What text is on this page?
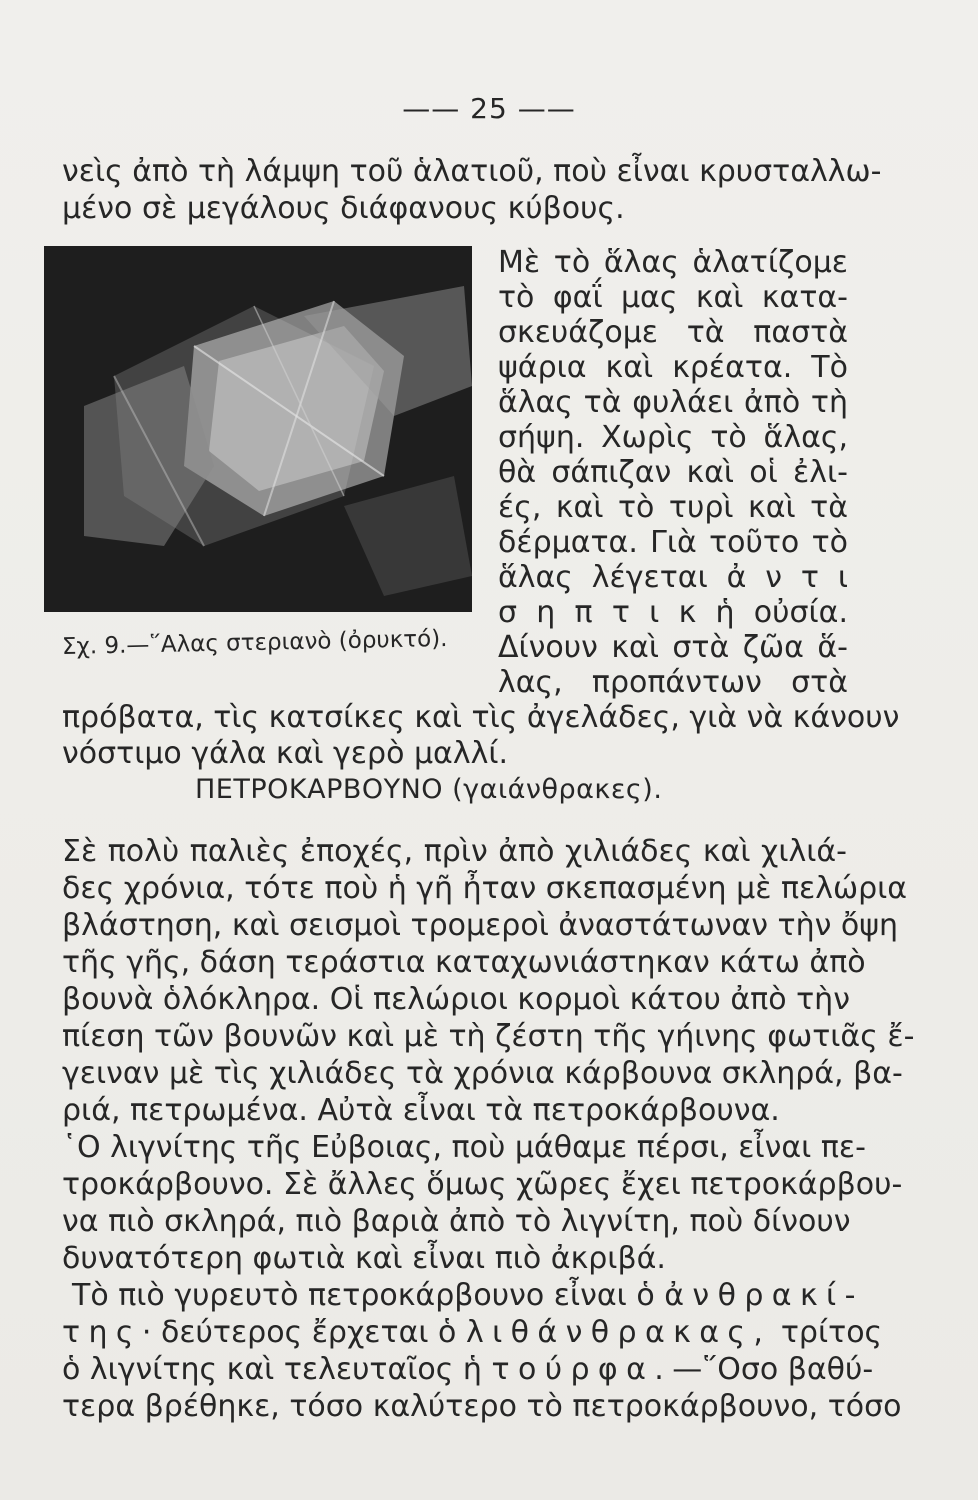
—— 25 ——
νεὶς ἀπὸ τὴ λάμψη τοῦ ἁλατιοῦ, ποὺ εἶναι κρυσταλλω-
μένο σὲ μεγάλους διάφανους κύβους.
Σχ. 9.—῞Αλας στεριανὸ (ὀρυκτό).
Μὲ τὸ ἅλας ἁλατίζομε
τὸ φαΐ μας καὶ κατα-
σκευάζομε τὰ παστὰ
ψάρια καὶ κρέατα. Τὸ
ἅλας τὰ φυλάει ἀπὸ τὴ
σήψη. Χωρὶς τὸ ἅλας,
θὰ σάπιζαν καὶ οἱ ἐλι-
ές, καὶ τὸ τυρὶ καὶ τὰ
δέρματα. Γιὰ τοῦτο τὸ
ἅλας λέγεται ἀ ν τ ι
σ η π τ ι κ ἡ οὐσία.
Δίνουν καὶ στὰ ζῶα ἅ-
λας, προπάντων στὰ
πρόβατα, τὶς κατσίκες καὶ τὶς ἀγελάδες, γιὰ νὰ κάνουν
νόστιμο γάλα καὶ γερὸ μαλλί.
ΠΕΤΡΟΚΑΡΒΟΥΝΟ (γαιάνθρακες).
Σὲ πολὺ παλιὲς ἐποχές, πρὶν ἀπὸ χιλιάδες καὶ χιλιά-
δες χρόνια, τότε ποὺ ἡ γῆ ἦταν σκεπασμένη μὲ πελώρια
βλάστηση, καὶ σεισμοὶ τρομεροὶ ἀναστάτωναν τὴν ὄψη
τῆς γῆς, δάση τεράστια καταχωνιάστηκαν κάτω ἀπὸ
βουνὰ ὁλόκληρα. Οἱ πελώριοι κορμοὶ κάτου ἀπὸ τὴν
πίεση τῶν βουνῶν καὶ μὲ τὴ ζέστη τῆς γήινης φωτιᾶς ἔ-
γειναν μὲ τὶς χιλιάδες τὰ χρόνια κάρβουνα σκληρά, βα-
ριά, πετρωμένα. Αὐτὰ εἶναι τὰ πετροκάρβουνα.
῾Ο λιγνίτης τῆς Εὐβοιας, ποὺ μάθαμε πέρσι, εἶναι πε-
τροκάρβουνο. Σὲ ἄλλες ὅμως χῶρες ἔχει πετροκάρβου-
να πιὸ σκληρά, πιὸ βαριὰ ἀπὸ τὸ λιγνίτη, ποὺ δίνουν
δυνατότερη φωτιὰ καὶ εἶναι πιὸ ἀκριβά.
Τὸ πιὸ γυρευτὸ πετροκάρβουνο εἶναι ὁ ἀνθρακί-
της· δεύτερος ἔρχεται ὁ λιθάνθρακας, τρίτος
ὁ λιγνίτης καὶ τελευταῖος ἡ τούρφα.—῞Οσο βαθύ-
τερα βρέθηκε, τόσο καλύτερο τὸ πετροκάρβουνο, τόσο
